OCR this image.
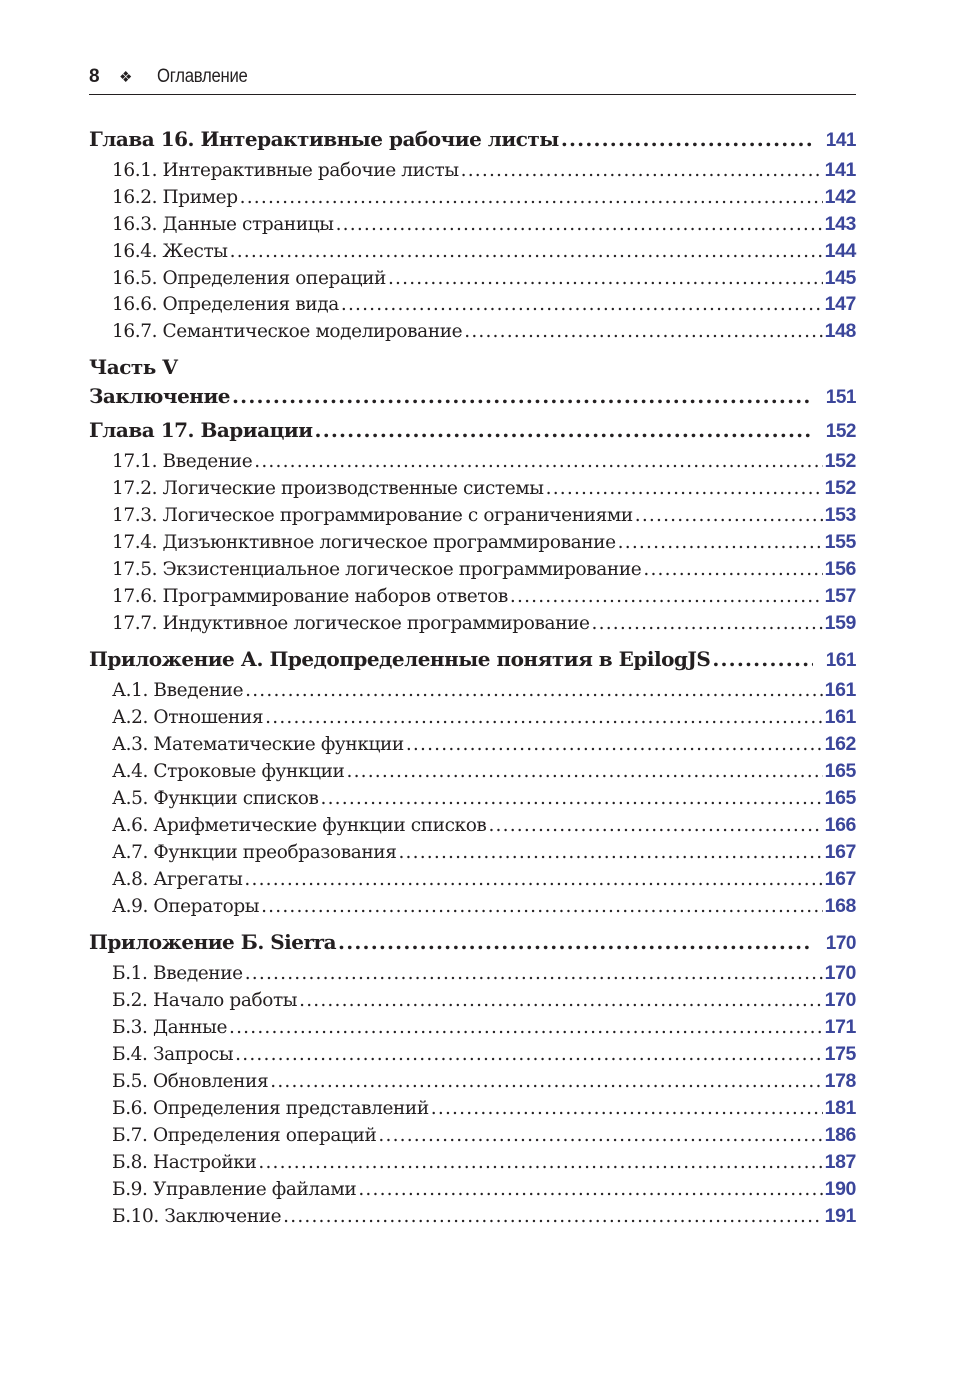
8	❖	Оглавление
Глава 16. Интерактивные рабочие листы .....	141
16.1. Интерактивные рабочие листы .....	141
16.2. Пример .....	142
16.3. Данные страницы .....	143
16.4. Жесты .....	144
16.5. Определения операций .....	145
16.6. Определения вида .....	147
16.7. Семантическое моделирование .....	148
Часть V
Заключение .....	151
Глава 17. Вариации .....	152
17.1. Введение .....	152
17.2. Логические производственные системы .....	152
17.3. Логическое программирование с ограничениями .....	153
17.4. Дизъюнктивное логическое программирование .....	155
17.5. Экзистенциальное логическое программирование .....	156
17.6. Программирование наборов ответов .....	157
17.7. Индуктивное логическое программирование .....	159
Приложение А. Предопределенные понятия в EpilogJS .....	161
А.1. Введение .....	161
А.2. Отношения .....	161
А.3. Математические функции .....	162
А.4. Строковые функции .....	165
А.5. Функции списков .....	165
А.6. Арифметические функции списков .....	166
А.7. Функции преобразования .....	167
А.8. Агрегаты .....	167
А.9. Операторы .....	168
Приложение Б. Sierra .....	170
Б.1. Введение .....	170
Б.2. Начало работы .....	170
Б.3. Данные .....	171
Б.4. Запросы .....	175
Б.5. Обновления .....	178
Б.6. Определения представлений .....	181
Б.7. Определения операций .....	186
Б.8. Настройки .....	187
Б.9. Управление файлами .....	190
Б.10. Заключение .....	191
